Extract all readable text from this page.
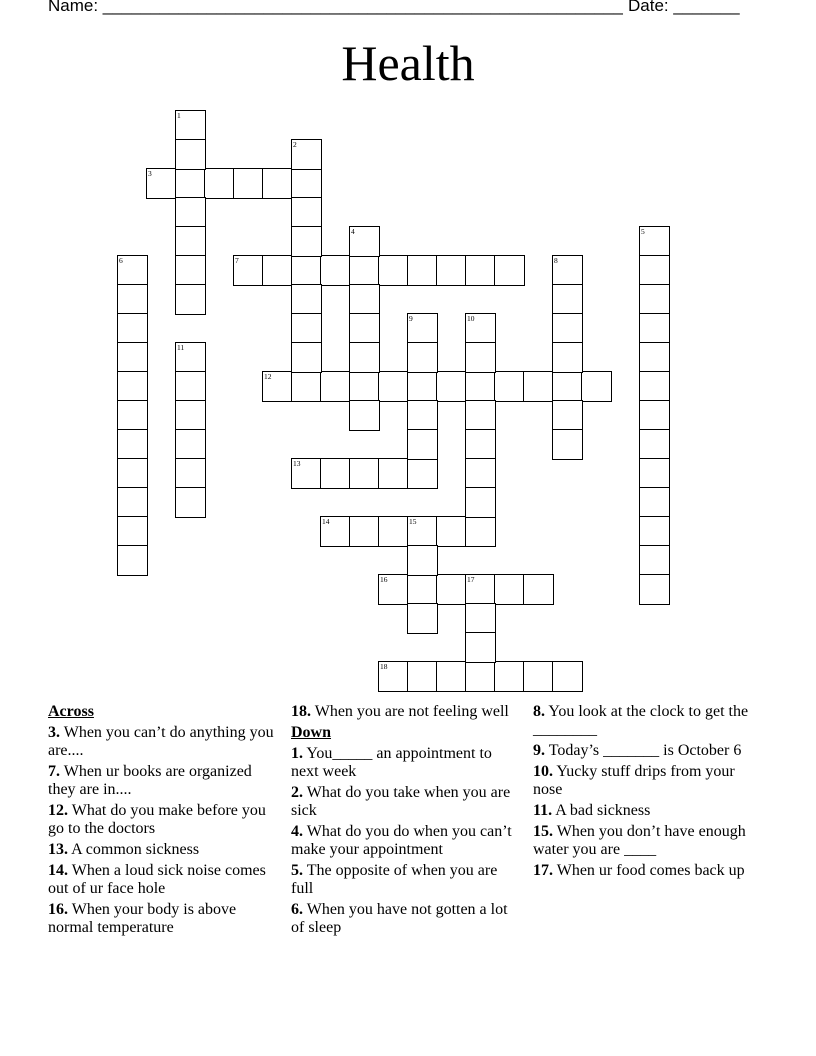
Name: _______________________________________________________ Date: _______
Health
3
7
12
13
14	15
16	17
18
1
2
4	5
6	8
9	10
11
Across
3. When you can’t do anything you are....
7. When ur books are organized they are in....
12. What do you make before you go to the doctors
13. A common sickness
14. When a loud sick noise comes out of ur face hole
16. When your body is above normal temperature
18. When you are not feeling well
Down
1. You_____ an appointment to next week
2. What do you take when you are sick
4. What do you do when you can’t make your appointment
5. The opposite of when you are full
6. When you have not gotten a lot of sleep
8. You look at the clock to get the ________
9. Today’s _______ is October 6
10. Yucky stuff drips from your nose
11. A bad sickness
15. When you don’t have enough water you are ____
17. When ur food comes back up
